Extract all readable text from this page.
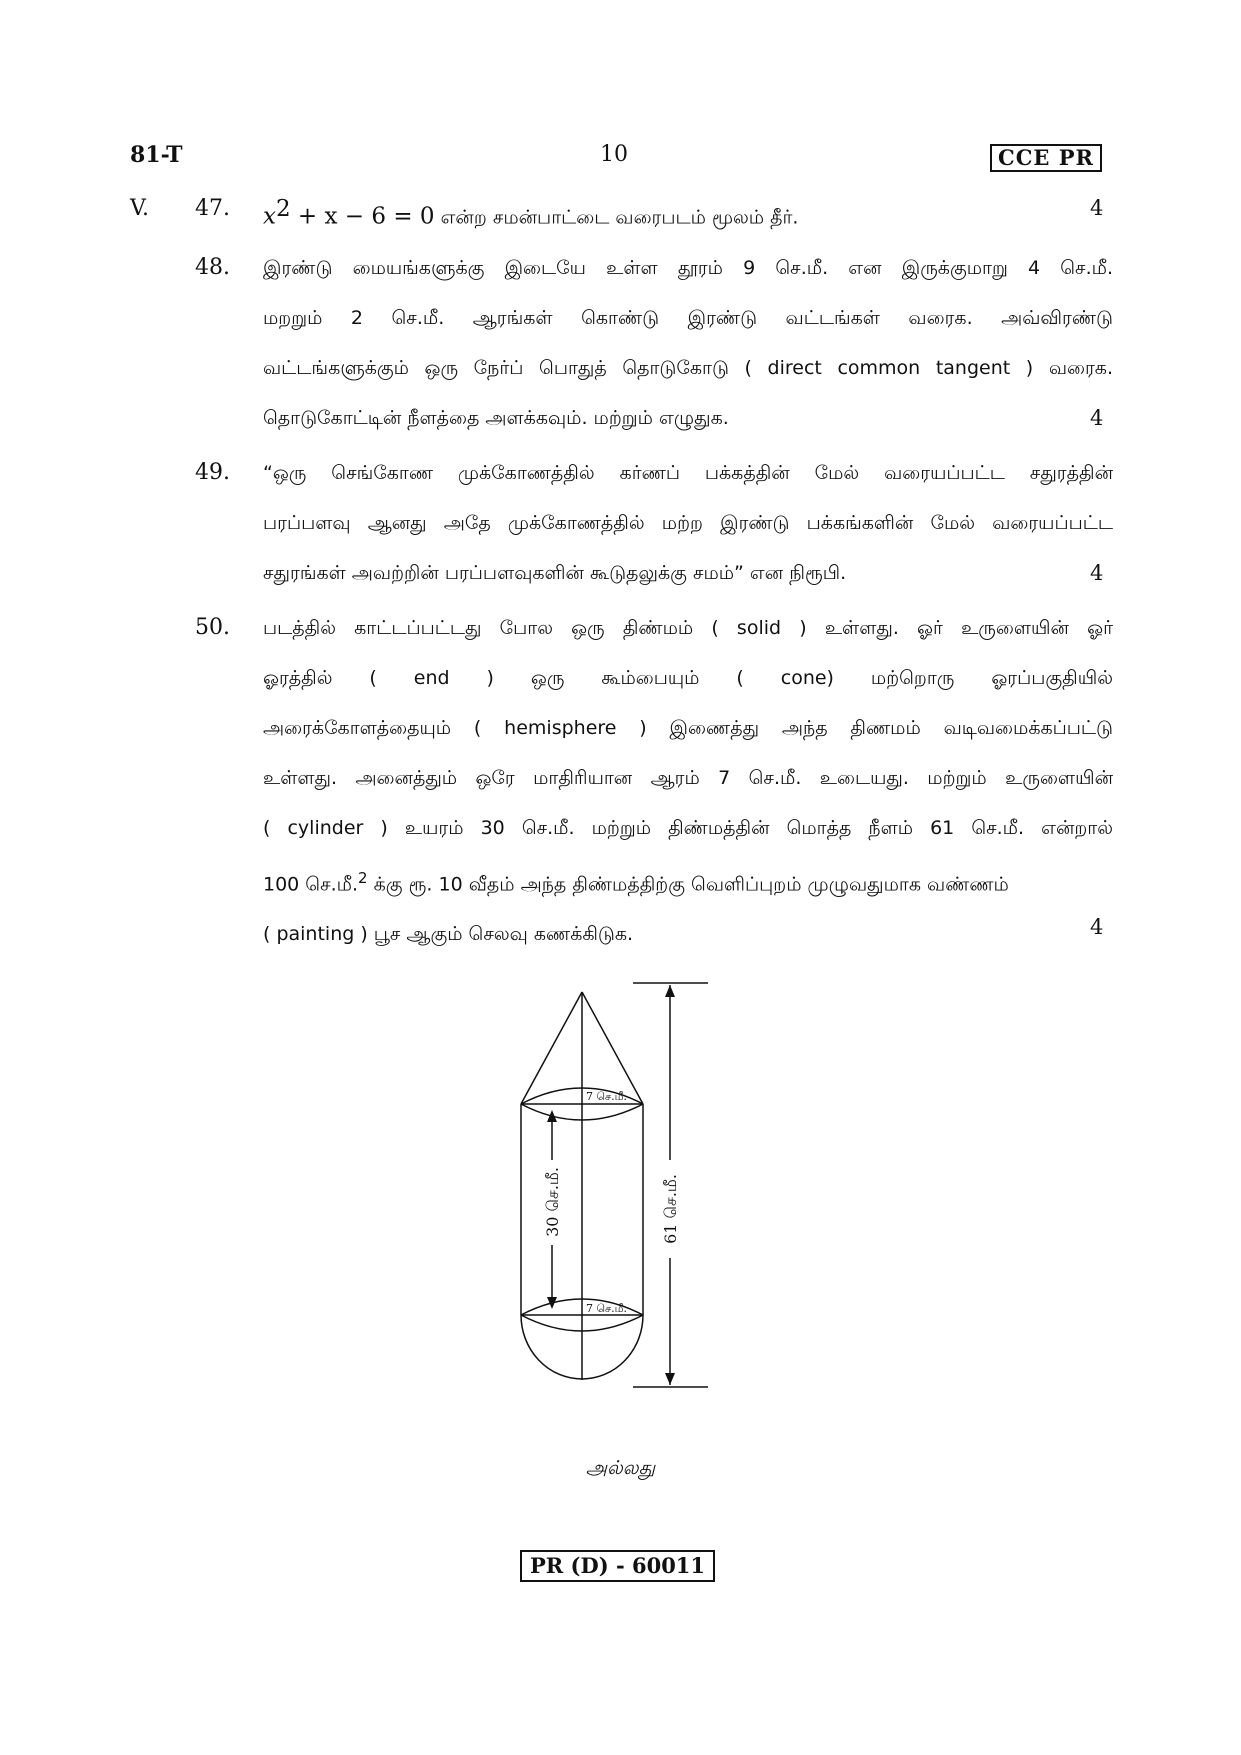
81-T	10	CCE PR
V. 47. $x^2 + x - 6 = 0$ என்ற சமன்பாட்டை வரைபடம் மூலம் தீர்.	4
48. இரண்டு மையங்களுக்கு இடையே உள்ள தூரம் 9 செ.மீ. என இருக்குமாறு 4 செ.மீ.
மறறும் 2 செ.மீ. ஆரங்கள் கொண்டு இரண்டு வட்டங்கள் வரைக. அவ்விரண்டு
வட்டங்களுக்கும் ஒரு நேர்ப் பொதுத் தொடுகோடு ( direct common tangent ) வரைக.
தொடுகோட்டின் நீளத்தை அளக்கவும். மற்றும் எழுதுக.	4
49. “ஒரு செங்கோண முக்கோணத்தில் கர்ணப் பக்கத்தின் மேல் வரையப்பட்ட சதுரத்தின்
பரப்பளவு ஆனது அதே முக்கோணத்தில் மற்ற இரண்டு பக்கங்களின் மேல் வரையப்பட்ட
சதுரங்கள் அவற்றின் பரப்பளவுகளின் கூடுதலுக்கு சமம்” என நிரூபி.	4
50. படத்தில் காட்டப்பட்டது போல ஒரு திண்மம் ( solid ) உள்ளது. ஓர் உருளையின் ஓர்
ஓரத்தில் ( end ) ஒரு கூம்பையும் ( cone) மற்றொரு ஓரப்பகுதியில்
அரைக்கோளத்தையும் ( hemisphere ) இணைத்து அந்த திணமம் வடிவமைக்கப்பட்டு
உள்ளது. அனைத்தும் ஒரே மாதிரியான ஆரம் 7 செ.மீ. உடையது. மற்றும் உருளையின்
( cylinder ) உயரம் 30 செ.மீ. மற்றும் திண்மத்தின் மொத்த நீளம் 61 செ.மீ. என்றால்
100 செ.மீ.$^2$ க்கு ரூ. 10 வீதம் அந்த திண்மத்திற்கு வெளிப்புறம் முழுவதுமாக வண்ணம்
( painting ) பூச ஆகும் செலவு கணக்கிடுக.	4
7 செ.மீ.
7 செ.மீ.
30 செ.மீ.	61 செ.மீ.
அல்லது
PR (D) - 60011
